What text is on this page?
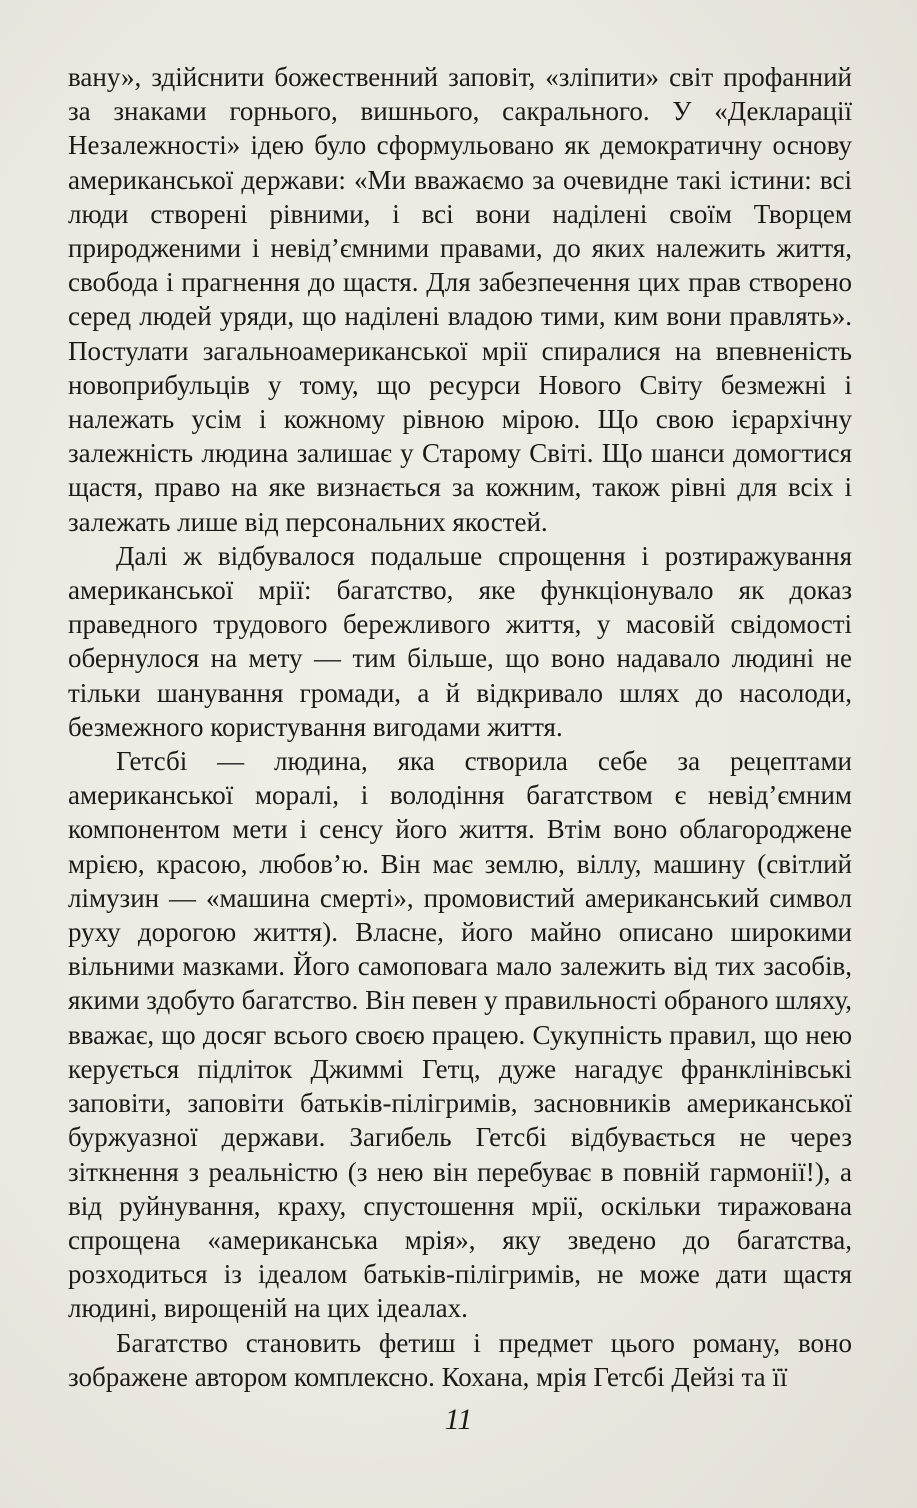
вану», здійснити божественний заповіт, «зліпити» світ профанний за знаками горнього, вишнього, сакрального. У «Декларації Незалежності» ідею було сформульовано як демократичну основу американської держави: «Ми вважаємо за очевидне такі істини: всі люди створені рівними, і всі вони наділені своїм Творцем природженими і невід’ємними правами, до яких належить життя, свобода і прагнення до щастя. Для забезпечення цих прав створено серед людей уряди, що наділені владою тими, ким вони правлять». Постулати загальноамериканської мрії спиралися на впевненість новоприбульців у тому, що ресурси Нового Світу безмежні і належать усім і кожному рівною мірою. Що свою ієрархічну залежність людина залишає у Старому Світі. Що шанси домогтися щастя, право на яке визнається за кожним, також рівні для всіх і залежать лише від персональних якостей.

Далі ж відбувалося подальше спрощення і розтиражування американської мрії: багатство, яке функціонувало як доказ праведного трудового бережливого життя, у масовій свідомості обернулося на мету — тим більше, що воно надавало людині не тільки шанування громади, а й відкривало шлях до насолоди, безмежного користування вигодами життя.

Гетсбі — людина, яка створила себе за рецептами американської моралі, і володіння багатством є невід’ємним компонентом мети і сенсу його життя. Втім воно облагороджене мрією, красою, любов’ю. Він має землю, віллу, машину (світлий лімузин — «машина смерті», промовистий американський символ руху дорогою життя). Власне, його майно описано широкими вільними мазками. Його самоповага мало залежить від тих засобів, якими здобуто багатство. Він певен у правильності обраного шляху, вважає, що досяг всього своєю працею. Сукупність правил, що нею керується підліток Джиммі Гетц, дуже нагадує франклінівські заповіти, заповіти батьків-пілігримів, засновників американської буржуазної держави. Загибель Гетсбі відбувається не через зіткнення з реальністю (з нею він перебуває в повній гармонії!), а від руйнування, краху, спустошення мрії, оскільки тиражована спрощена «американська мрія», яку зведено до багатства, розходиться із ідеалом батьків-пілігримів, не може дати щастя людині, вирощеній на цих ідеалах.

Багатство становить фетиш і предмет цього роману, воно зображене автором комплексно. Кохана, мрія Гетсбі Дейзі та її

11
